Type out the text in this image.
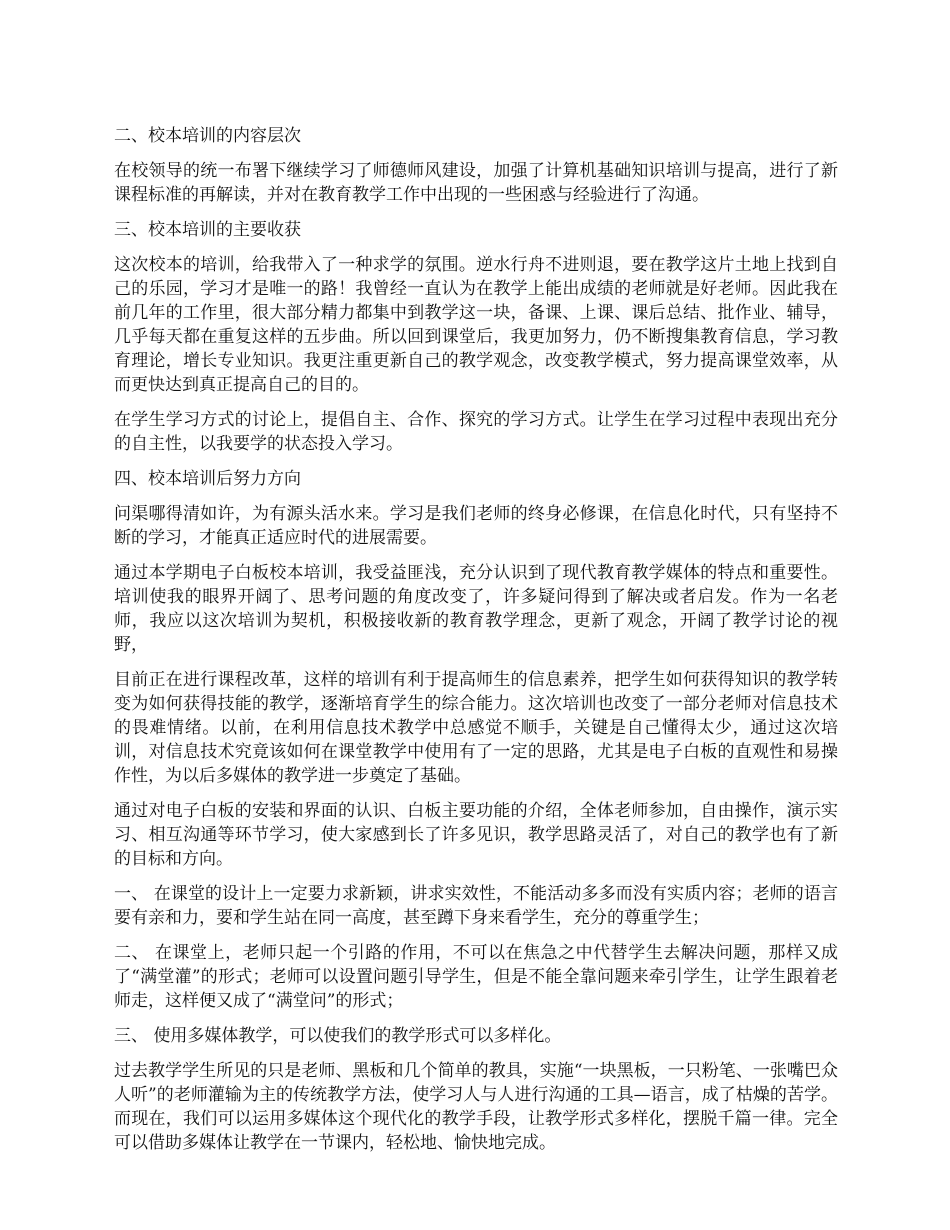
二、校本培训的内容层次

在校领导的统一布署下继续学习了师德师风建设，加强了计算机基础知识培训与提高，进行了新课程标准的再解读，并对在教育教学工作中出现的一些困惑与经验进行了沟通。

三、校本培训的主要收获

这次校本的培训，给我带入了一种求学的氛围。逆水行舟不进则退，要在教学这片土地上找到自己的乐园，学习才是唯一的路！我曾经一直认为在教学上能出成绩的老师就是好老师。因此我在前几年的工作里，很大部分精力都集中到教学这一块，备课、上课、课后总结、批作业、辅导，几乎每天都在重复这样的五步曲。所以回到课堂后，我更加努力，仍不断搜集教育信息，学习教育理论，增长专业知识。我更注重更新自己的教学观念，改变教学模式，努力提高课堂效率，从而更快达到真正提高自己的目的。

在学生学习方式的讨论上，提倡自主、合作、探究的学习方式。让学生在学习过程中表现出充分的自主性，以我要学的状态投入学习。

四、校本培训后努力方向

问渠哪得清如许，为有源头活水来。学习是我们老师的终身必修课，在信息化时代，只有坚持不断的学习，才能真正适应时代的进展需要。

通过本学期电子白板校本培训，我受益匪浅，充分认识到了现代教育教学媒体的特点和重要性。培训使我的眼界开阔了、思考问题的角度改变了，许多疑问得到了解决或者启发。作为一名老师，我应以这次培训为契机，积极接收新的教育教学理念，更新了观念，开阔了教学讨论的视野，

目前正在进行课程改革，这样的培训有利于提高师生的信息素养，把学生如何获得知识的教学转变为如何获得技能的教学，逐渐培育学生的综合能力。这次培训也改变了一部分老师对信息技术的畏难情绪。以前，在利用信息技术教学中总感觉不顺手，关键是自己懂得太少，通过这次培训，对信息技术究竟该如何在课堂教学中使用有了一定的思路，尤其是电子白板的直观性和易操作性，为以后多媒体的教学进一步奠定了基础。

通过对电子白板的安装和界面的认识、白板主要功能的介绍，全体老师参加，自由操作，演示实习、相互沟通等环节学习，使大家感到长了许多见识，教学思路灵活了，对自己的教学也有了新的目标和方向。

一、 在课堂的设计上一定要力求新颖，讲求实效性，不能活动多多而没有实质内容；老师的语言要有亲和力，要和学生站在同一高度，甚至蹲下身来看学生，充分的尊重学生；

二、 在课堂上，老师只起一个引路的作用，不可以在焦急之中代替学生去解决问题，那样又成了“满堂灌”的形式；老师可以设置问题引导学生，但是不能全靠问题来牵引学生，让学生跟着老师走，这样便又成了“满堂问”的形式；

三、 使用多媒体教学，可以使我们的教学形式可以多样化。

过去教学学生所见的只是老师、黑板和几个简单的教具，实施“一块黑板，一只粉笔、一张嘴巴众人听”的老师灌输为主的传统教学方法，使学习人与人进行沟通的工具—语言，成了枯燥的苦学。而现在，我们可以运用多媒体这个现代化的教学手段，让教学形式多样化，摆脱千篇一律。完全可以借助多媒体让教学在一节课内，轻松地、愉快地完成。
